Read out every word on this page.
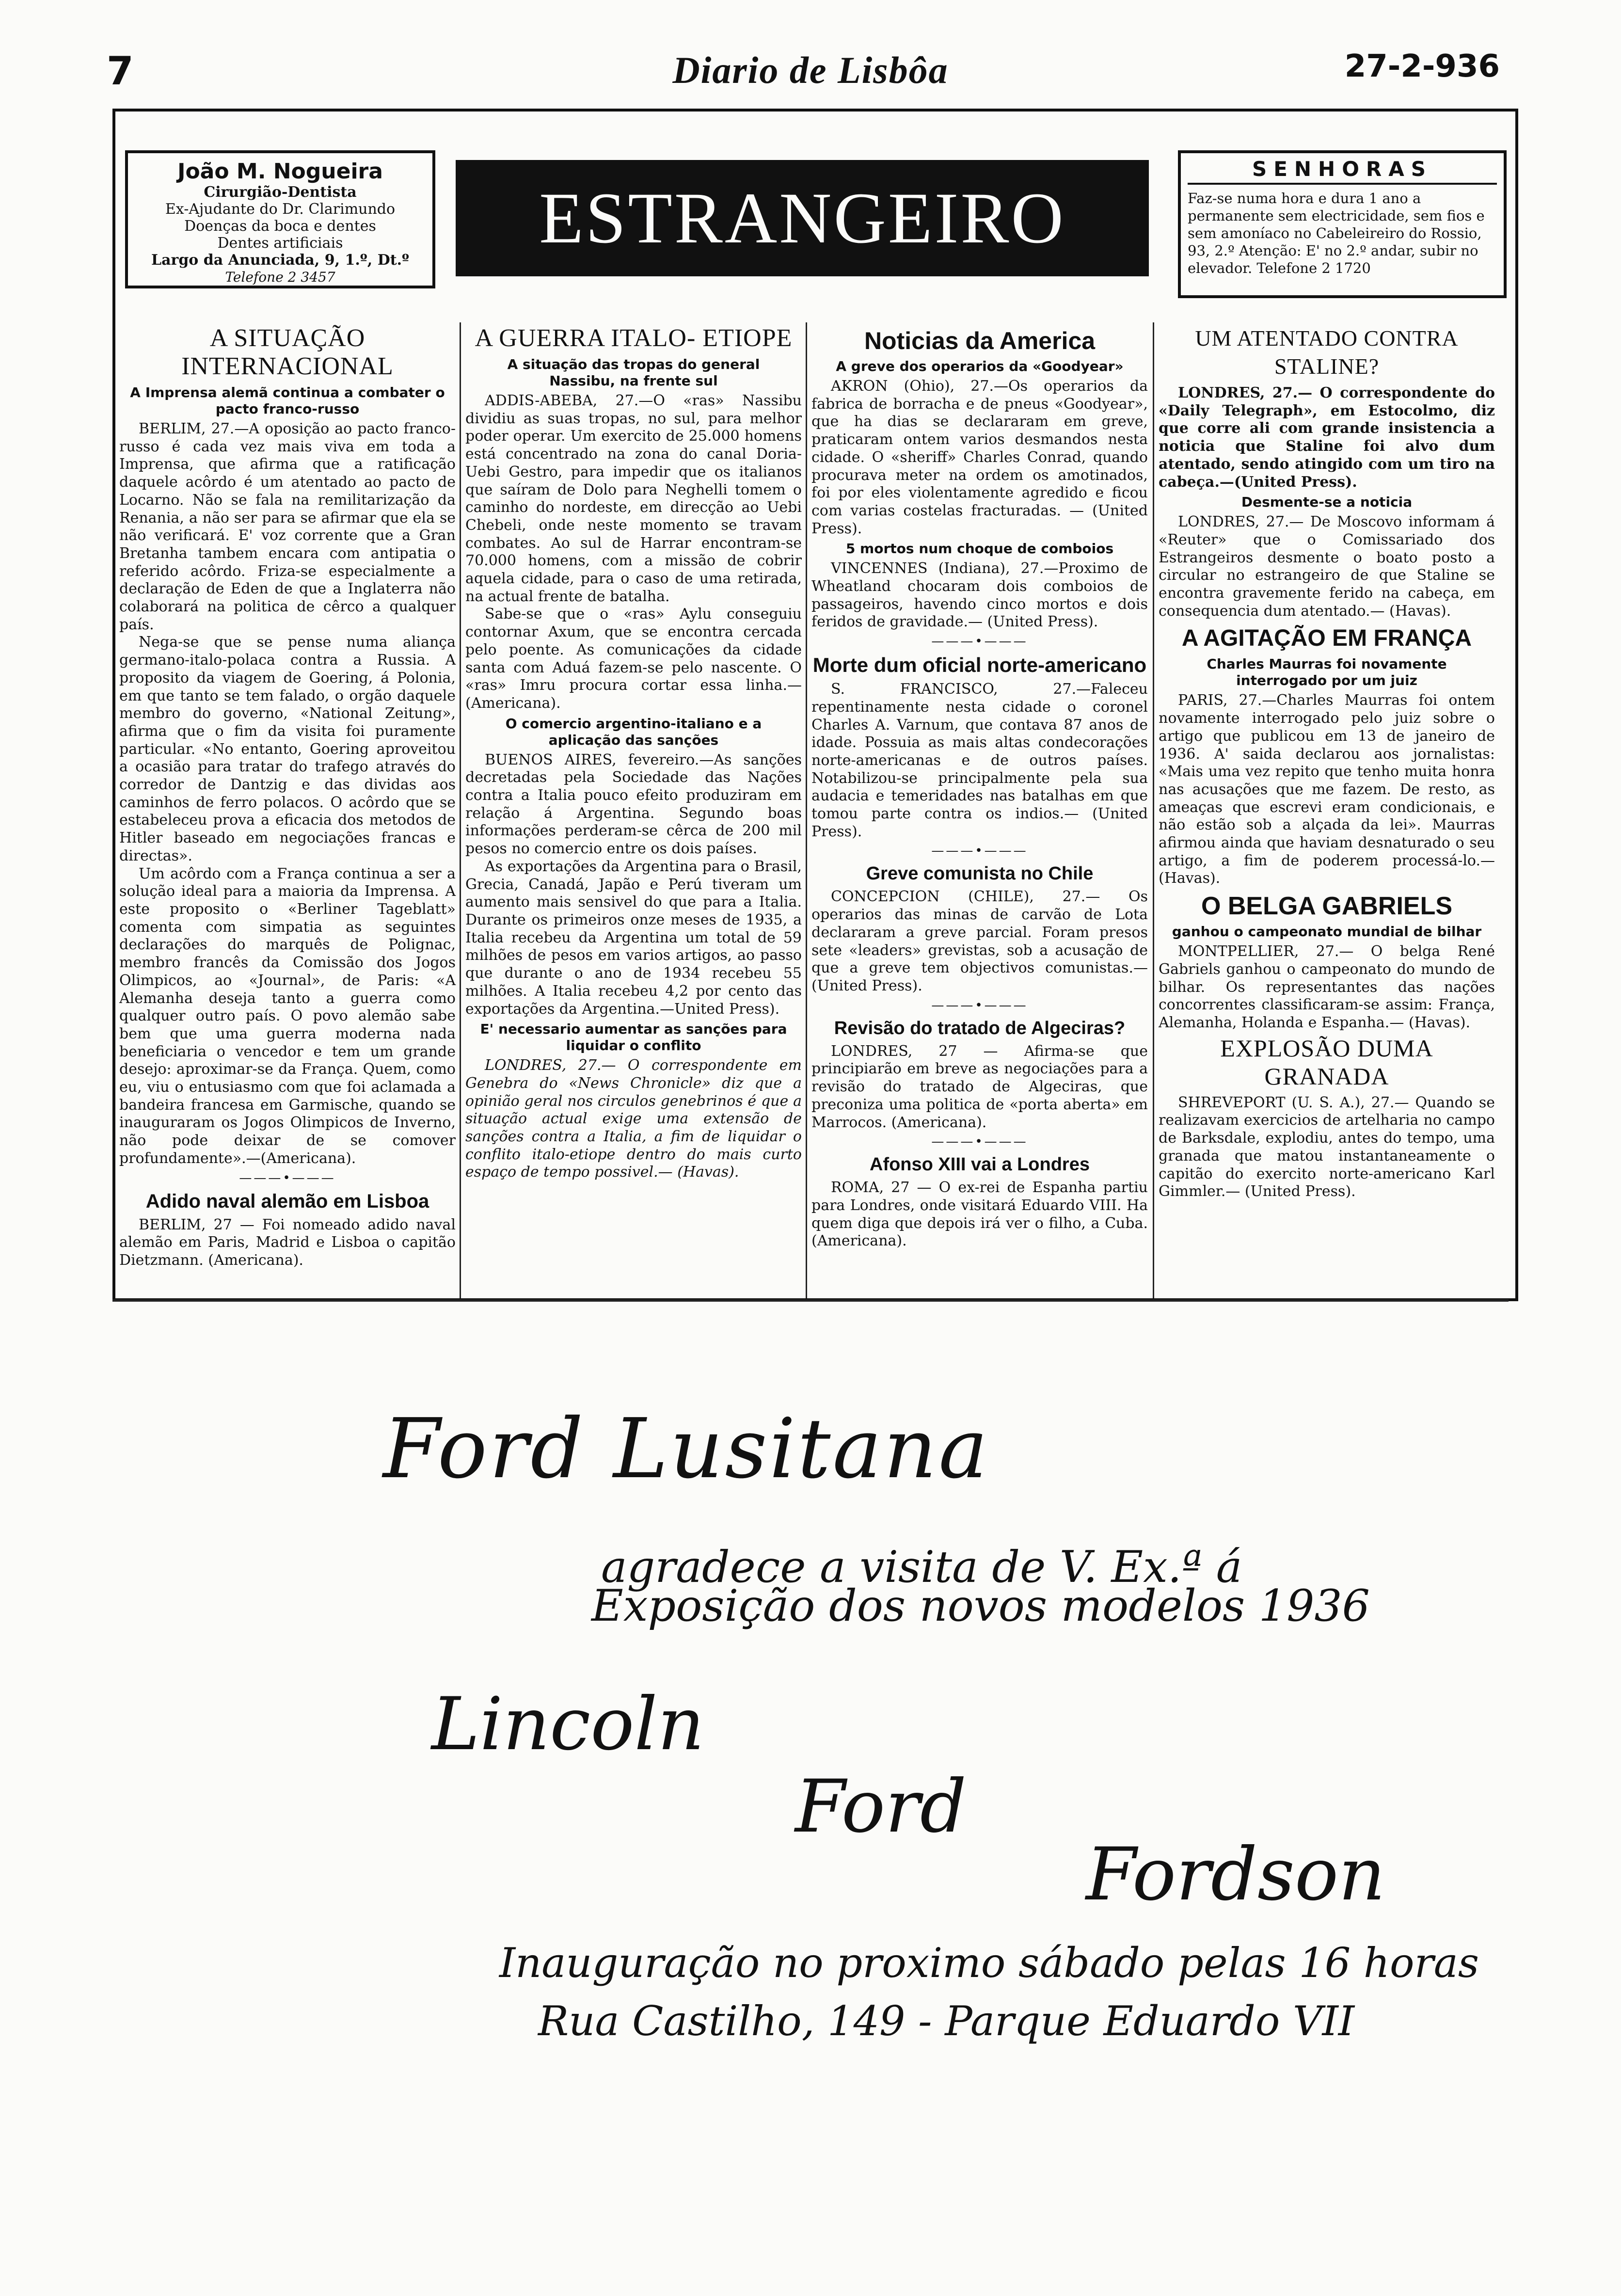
7	Diario de Lisbôa	27-2-936
João M. Nogueira
Cirurgião-Dentista
Ex-Ajudante do Dr. Clarimundo
Doenças da boca e dentes
Dentes artificiais
Largo da Anunciada, 9, 1.º, Dt.º
Telefone 2 3457
ESTRANGEIRO
SENHORAS
Faz-se numa hora e dura 1 ano a permanente sem electricidade, sem fios e sem amoníaco no Cabeleireiro do Rossio, 93, 2.º Atenção: E' no 2.º andar, subir no elevador. Telefone 2 1720
A SITUAÇÃO INTERNACIONAL
A Imprensa alemã continua a combater o pacto franco-russo

BERLIM, 27.—A oposição ao pacto franco-russo é cada vez mais viva em toda a Imprensa, que afirma que a ratificação daquele acôrdo é um atentado ao pacto de Locarno. Não se fala na remilitarização da Renania, a não ser para se afirmar que ela se não verificará. E' voz corrente que a Gran Bretanha tambem encara com antipatia o referido acôrdo. Friza-se especialmente a declaração de Eden de que a Inglaterra não colaborará na politica de cêrco a qualquer país.

Nega-se que se pense numa aliança germano-italo-polaca contra a Russia. A proposito da viagem de Goering, á Polonia, em que tanto se tem falado, o orgão daquele membro do governo, «National Zeitung», afirma que o fim da visita foi puramente particular. «No entanto, Goering aproveitou a ocasião para tratar do trafego através do corredor de Dantzig e das dividas aos caminhos de ferro polacos. O acôrdo que se estabeleceu prova a eficacia dos metodos de Hitler baseado em negociações francas e directas».

Um acôrdo com a França continua a ser a solução ideal para a maioria da Imprensa. A este proposito o «Berliner Tageblatt» comenta com simpatia as seguintes declarações do marquês de Polignac, membro francês da Comissão dos Jogos Olimpicos, ao «Journal», de Paris: «A Alemanha deseja tanto a guerra como qualquer outro país. O povo alemão sabe bem que uma guerra moderna nada beneficiaria o vencedor e tem um grande desejo: aproximar-se da França. Quem, como eu, viu o entusiasmo com que foi aclamada a bandeira francesa em Garmische, quando se inauguraram os Jogos Olimpicos de Inverno, não pode deixar de se comover profundamente».—(Americana).

———•———
Adido naval alemão em Lisboa

BERLIM, 27 — Foi nomeado adido naval alemão em Paris, Madrid e Lisboa o capitão Dietzmann. (Americana).

A GUERRA ITALO- ETIOPE
A situação das tropas do general Nassibu, na frente sul

ADDIS-ABEBA, 27.—O «ras» Nassibu dividiu as suas tropas, no sul, para melhor poder operar. Um exercito de 25.000 homens está concentrado na zona do canal Doria-Uebi Gestro, para impedir que os italianos que saíram de Dolo para Neghelli tomem o caminho do nordeste, em direcção ao Uebi Chebeli, onde neste momento se travam combates. Ao sul de Harrar encontram-se 70.000 homens, com a missão de cobrir aquela cidade, para o caso de uma retirada, na actual frente de batalha.

Sabe-se que o «ras» Aylu conseguiu contornar Axum, que se encontra cercada pelo poente. As comunicações da cidade santa com Aduá fazem-se pelo nascente. O «ras» Imru procura cortar essa linha.—(Americana).

O comercio argentino-italiano e a aplicação das sanções

BUENOS AIRES, fevereiro.—As sanções decretadas pela Sociedade das Nações contra a Italia pouco efeito produziram em relação á Argentina. Segundo boas informações perderam-se cêrca de 200 mil pesos no comercio entre os dois países.

As exportações da Argentina para o Brasil, Grecia, Canadá, Japão e Perú tiveram um aumento mais sensivel do que para a Italia. Durante os primeiros onze meses de 1935, a Italia recebeu da Argentina um total de 59 milhões de pesos em varios artigos, ao passo que durante o ano de 1934 recebeu 55 milhões. A Italia recebeu 4,2 por cento das exportações da Argentina.—United Press).

E' necessario aumentar as sanções para liquidar o conflito

LONDRES, 27.— O correspondente em Genebra do «News Chronicle» diz que a opinião geral nos circulos genebrinos é que a situação actual exige uma extensão de sanções contra a Italia, a fim de liquidar o conflito italo-etiope dentro do mais curto espaço de tempo possivel.— (Havas).

Noticias da America
A greve dos operarios da «Goodyear»

AKRON (Ohio), 27.—Os operarios da fabrica de borracha e de pneus «Goodyear», que ha dias se declararam em greve, praticaram ontem varios desmandos nesta cidade. O «sheriff» Charles Conrad, quando procurava meter na ordem os amotinados, foi por eles violentamente agredido e ficou com varias costelas fracturadas. — (United Press).

5 mortos num choque de comboios

VINCENNES (Indiana), 27.—Proximo de Wheatland chocaram dois comboios de passageiros, havendo cinco mortos e dois feridos de gravidade.— (United Press).

———•———
Morte dum oficial norte-americano

S. FRANCISCO, 27.—Faleceu repentinamente nesta cidade o coronel Charles A. Varnum, que contava 87 anos de idade. Possuia as mais altas condecorações norte-americanas e de outros países. Notabilizou-se principalmente pela sua audacia e temeridades nas batalhas em que tomou parte contra os indios.— (United Press).

———•———
Greve comunista no Chile

CONCEPCION (CHILE), 27.— Os operarios das minas de carvão de Lota declararam a greve parcial. Foram presos sete «leaders» grevistas, sob a acusação de que a greve tem objectivos comunistas.—(United Press).

———•———
Revisão do tratado de Algeciras?

LONDRES, 27 — Afirma-se que principiarão em breve as negociações para a revisão do tratado de Algeciras, que preconiza uma politica de «porta aberta» em Marrocos. (Americana).

———•———
Afonso XIII vai a Londres

ROMA, 27 — O ex-rei de Espanha partiu para Londres, onde visitará Eduardo VIII. Ha quem diga que depois irá ver o filho, a Cuba. (Americana).

UM ATENTADO CONTRA STALINE?

LONDRES, 27.— O correspondente do «Daily Telegraph», em Estocolmo, diz que corre ali com grande insistencia a noticia que Staline foi alvo dum atentado, sendo atingido com um tiro na cabeça.—(United Press).

Desmente-se a noticia

LONDRES, 27.— De Moscovo informam á «Reuter» que o Comissariado dos Estrangeiros desmente o boato posto a circular no estrangeiro de que Staline se encontra gravemente ferido na cabeça, em consequencia dum atentado.— (Havas).

A AGITAÇÃO EM FRANÇA
Charles Maurras foi novamente interrogado por um juiz

PARIS, 27.—Charles Maurras foi ontem novamente interrogado pelo juiz sobre o artigo que publicou em 13 de janeiro de 1936. A' saida declarou aos jornalistas: «Mais uma vez repito que tenho muita honra nas acusações que me fazem. De resto, as ameaças que escrevi eram condicionais, e não estão sob a alçada da lei». Maurras afirmou ainda que haviam desnaturado o seu artigo, a fim de poderem processá-lo.— (Havas).

O BELGA GABRIELS
ganhou o campeonato mundial de bilhar

MONTPELLIER, 27.— O belga René Gabriels ganhou o campeonato do mundo de bilhar. Os representantes das nações concorrentes classificaram-se assim: França, Alemanha, Holanda e Espanha.— (Havas).

EXPLOSÃO DUMA GRANADA

SHREVEPORT (U. S. A.), 27.— Quando se realizavam exercicios de artelharia no campo de Barksdale, explodiu, antes do tempo, uma granada que matou instantaneamente o capitão do exercito norte-americano Karl Gimmler.— (United Press).

Ford Lusitana
agradece a visita de V. Ex.ª á
Exposição dos novos modelos 1936
Lincoln
Ford
Fordson
Inauguração no proximo sábado pelas 16 horas
Rua Castilho, 149 - Parque Eduardo VII
